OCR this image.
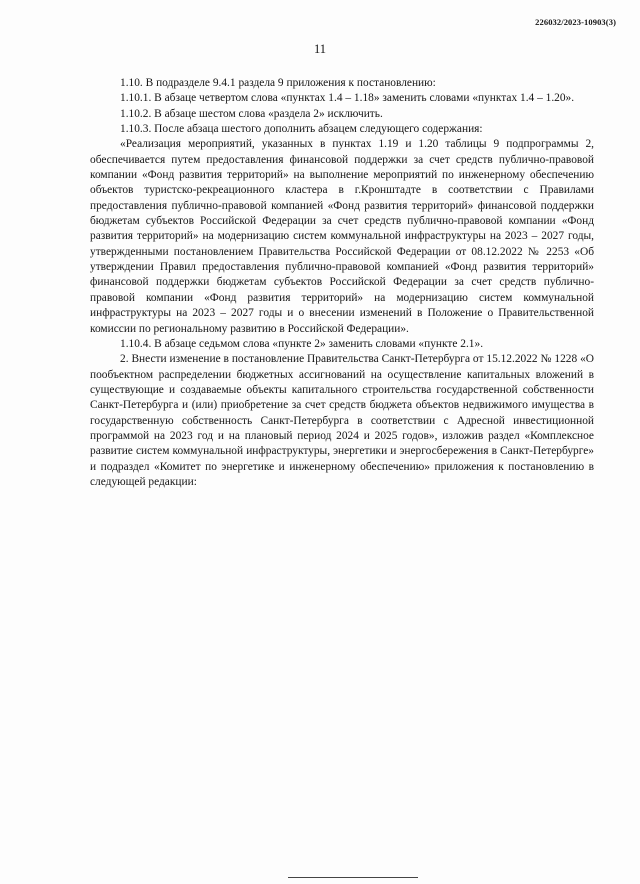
226032/2023-10903(3)
11

1.10. В подразделе 9.4.1 раздела 9 приложения к постановлению:

1.10.1. В абзаце четвертом слова «пунктах 1.4 – 1.18» заменить словами «пунктах 1.4 – 1.20».

1.10.2. В абзаце шестом слова «раздела 2» исключить.

1.10.3. После абзаца шестого дополнить абзацем следующего содержания:

«Реализация мероприятий, указанных в пунктах 1.19 и 1.20 таблицы 9 подпрограммы 2, обеспечивается путем предоставления финансовой поддержки за счет средств публично-правовой компании «Фонд развития территорий» на выполнение мероприятий по инженерному обеспечению объектов туристско-рекреационного кластера в г.Кронштадте в соответствии с Правилами предоставления публично-правовой компанией «Фонд развития территорий» финансовой поддержки бюджетам субъектов Российской Федерации за счет средств публично-правовой компании «Фонд развития территорий» на модернизацию систем коммунальной инфраструктуры на 2023 – 2027 годы, утвержденными постановлением Правительства Российской Федерации от 08.12.2022 № 2253 «Об утверждении Правил предоставления публично-правовой компанией «Фонд развития территорий» финансовой поддержки бюджетам субъектов Российской Федерации за счет средств публично-правовой компании «Фонд развития территорий» на модернизацию систем коммунальной инфраструктуры на 2023 – 2027 годы и о внесении изменений в Положение о Правительственной комиссии по региональному развитию в Российской Федерации».

1.10.4. В абзаце седьмом слова «пункте 2» заменить словами «пункте 2.1».

2. Внести изменение в постановление Правительства Санкт-Петербурга от 15.12.2022 № 1228 «О пообъектном распределении бюджетных ассигнований на осуществление капитальных вложений в существующие и создаваемые объекты капитального строительства государственной собственности Санкт-Петербурга и (или) приобретение за счет средств бюджета объектов недвижимого имущества в государственную собственность Санкт-Петербурга в соответствии с Адресной инвестиционной программой на 2023 год и на плановый период 2024 и 2025 годов», изложив раздел «Комплексное развитие систем коммунальной инфраструктуры, энергетики и энергосбережения в Санкт-Петербурге» и подраздел «Комитет по энергетике и инженерному обеспечению» приложения к постановлению в следующей редакции:
